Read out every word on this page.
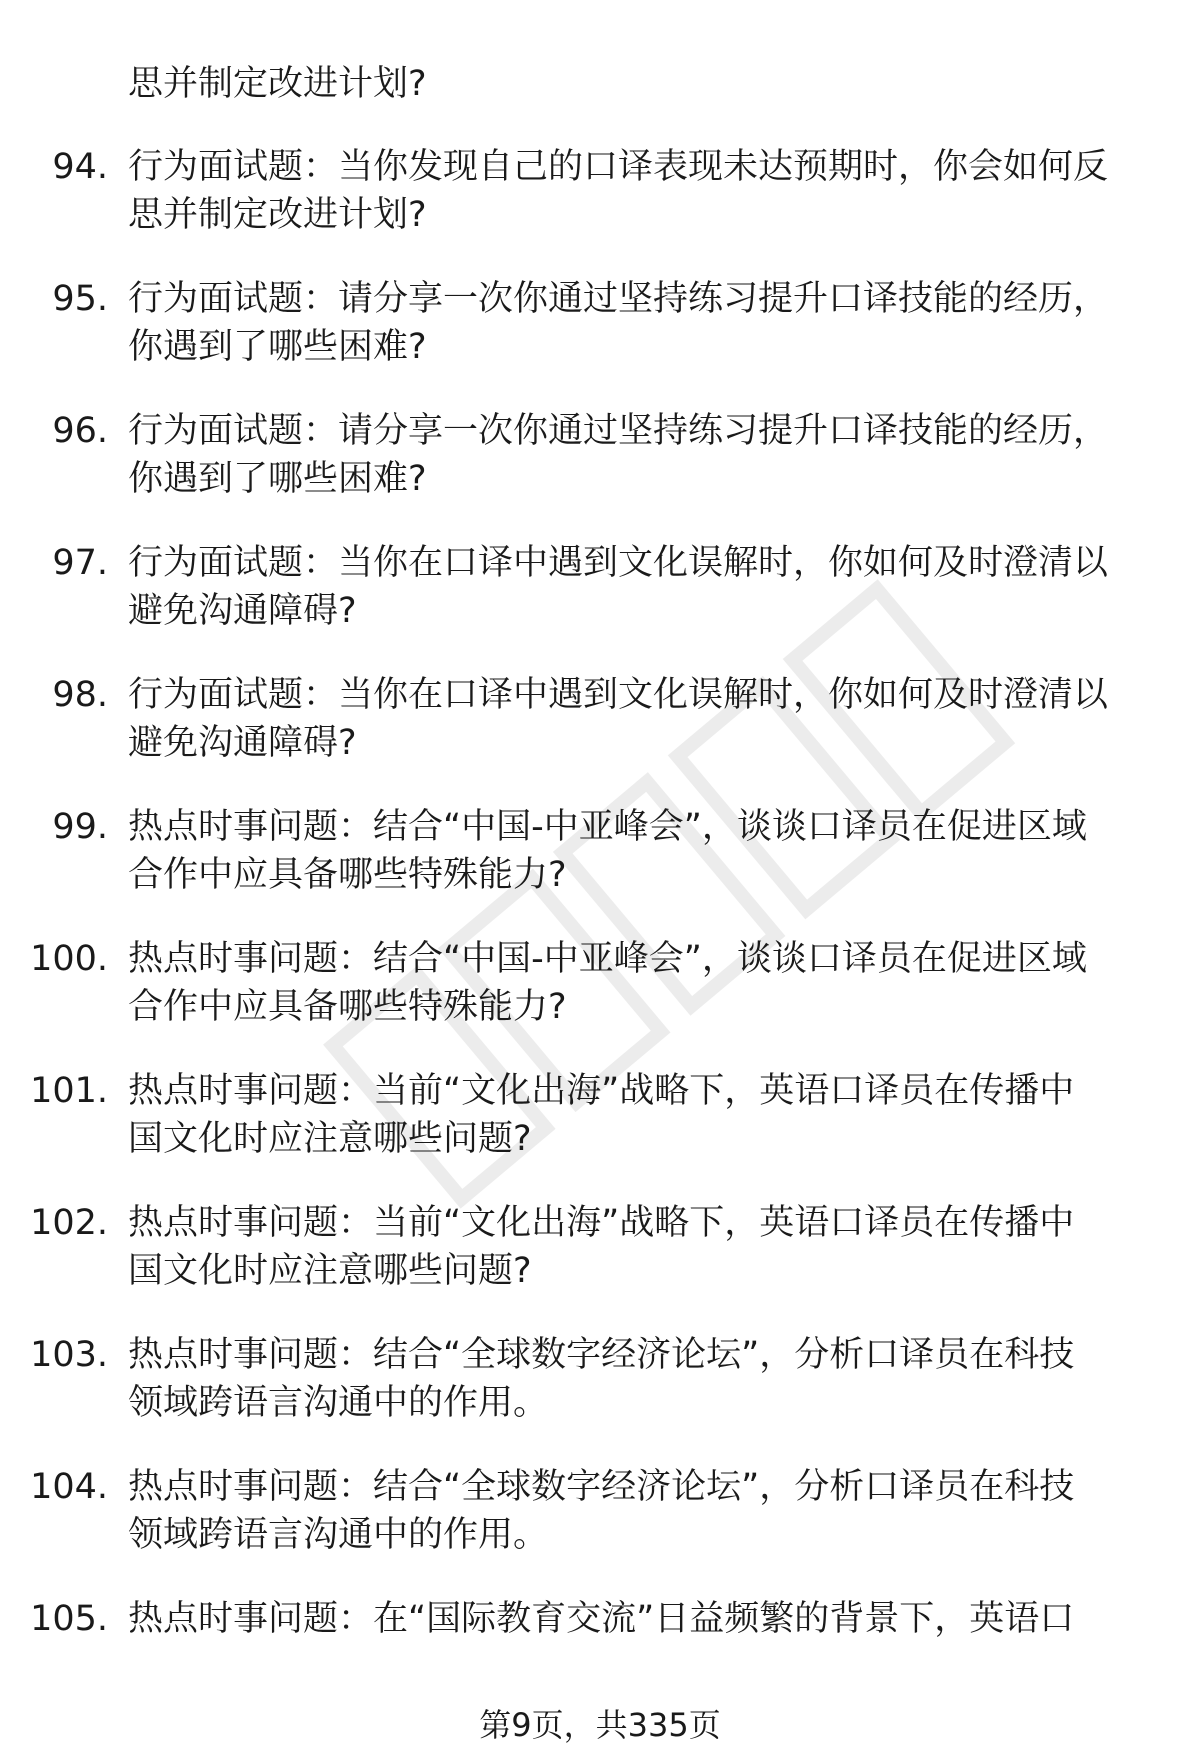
思并制定改进计划?
94. 行为面试题：当你发现自己的口译表现未达预期时，你会如何反
思并制定改进计划?
95. 行为面试题：请分享一次你通过坚持练习提升口译技能的经历，
你遇到了哪些困难?
96. 行为面试题：请分享一次你通过坚持练习提升口译技能的经历，
你遇到了哪些困难?
97. 行为面试题：当你在口译中遇到文化误解时，你如何及时澄清以
避免沟通障碍?
98. 行为面试题：当你在口译中遇到文化误解时，你如何及时澄清以
避免沟通障碍?
99. 热点时事问题：结合“中国-中亚峰会”，谈谈口译员在促进区域
合作中应具备哪些特殊能力?
100. 热点时事问题：结合“中国-中亚峰会”，谈谈口译员在促进区域
合作中应具备哪些特殊能力?
101. 热点时事问题：当前“文化出海”战略下，英语口译员在传播中
国文化时应注意哪些问题?
102. 热点时事问题：当前“文化出海”战略下，英语口译员在传播中
国文化时应注意哪些问题?
103. 热点时事问题：结合“全球数字经济论坛”，分析口译员在科技
领域跨语言沟通中的作用。
104. 热点时事问题：结合“全球数字经济论坛”，分析口译员在科技
领域跨语言沟通中的作用。
105. 热点时事问题：在“国际教育交流”日益频繁的背景下，英语口
第9页，共335页
